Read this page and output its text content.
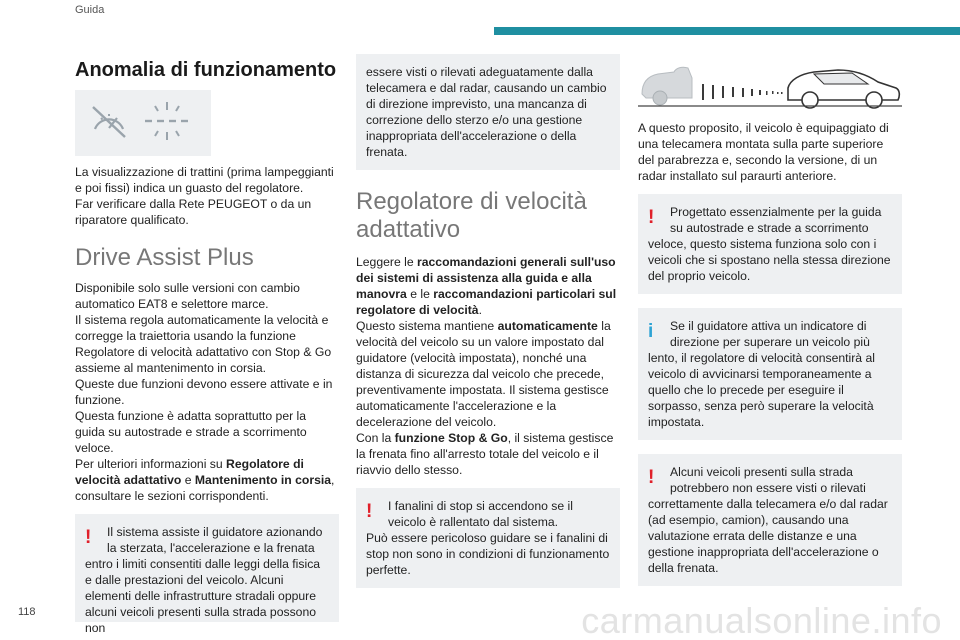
Guida
Anomalia di funzionamento

La visualizzazione di trattini (prima lampeggianti e poi fissi) indica un guasto del regolatore.
Far verificare dalla Rete PEUGEOT o da un riparatore qualificato.

Drive Assist Plus

Disponibile solo sulle versioni con cambio automatico EAT8 e selettore marce.
Il sistema regola automaticamente la velocità e corregge la traiettoria usando la funzione Regolatore di velocità adattativo con Stop & Go assieme al mantenimento in corsia.
Queste due funzioni devono essere attivate e in funzione.
Questa funzione è adatta soprattutto per la guida su autostrade e strade a scorrimento veloce.

Per ulteriori informazioni su Regolatore di velocità adattativo e Mantenimento in corsia, consultare le sezioni corrispondenti.

!	Il sistema assiste il guidatore azionando la sterzata, l'accelerazione e la frenata
entro i limiti consentiti dalle leggi della fisica e dalle prestazioni del veicolo. Alcuni elementi delle infrastrutture stradali oppure alcuni veicoli presenti sulla strada possono non
essere visti o rilevati adeguatamente dalla telecamera e dal radar, causando un cambio di direzione imprevisto, una mancanza di correzione dello sterzo e/o una gestione inappropriata dell'accelerazione o della frenata.
Regolatore di velocità adattativo

Leggere le raccomandazioni generali sull'uso dei sistemi di assistenza alla guida e alla manovra e le raccomandazioni particolari sul regolatore di velocità.

Questo sistema mantiene automaticamente la velocità del veicolo su un valore impostato dal guidatore (velocità impostata), nonché una distanza di sicurezza dal veicolo che precede, preventivamente impostata. Il sistema gestisce automaticamente l'accelerazione e la decelerazione del veicolo.

Con la funzione Stop & Go, il sistema gestisce la frenata fino all'arresto totale del veicolo e il riavvio dello stesso.

!	I fanalini di stop si accendono se il veicolo è rallentato dal sistema.
Può essere pericoloso guidare se i fanalini di stop non sono in condizioni di funzionamento perfette.

A questo proposito, il veicolo è equipaggiato di una telecamera montata sulla parte superiore del parabrezza e, secondo la versione, di un radar installato sul paraurti anteriore.

!	Progettato essenzialmente per la guida su autostrade e strade a scorrimento
veloce, questo sistema funziona solo con i veicoli che si spostano nella stessa direzione del proprio veicolo.
i	Se il guidatore attiva un indicatore di direzione per superare un veicolo più
lento, il regolatore di velocità consentirà al veicolo di avvicinarsi temporaneamente a quello che lo precede per eseguire il sorpasso, senza però superare la velocità impostata.
!	Alcuni veicoli presenti sulla strada potrebbero non essere visti o rilevati
correttamente dalla telecamera e/o dal radar (ad esempio, camion), causando una valutazione errata delle distanze e una gestione inappropriata dell'accelerazione o della frenata.
118	carmanualsonline.info
